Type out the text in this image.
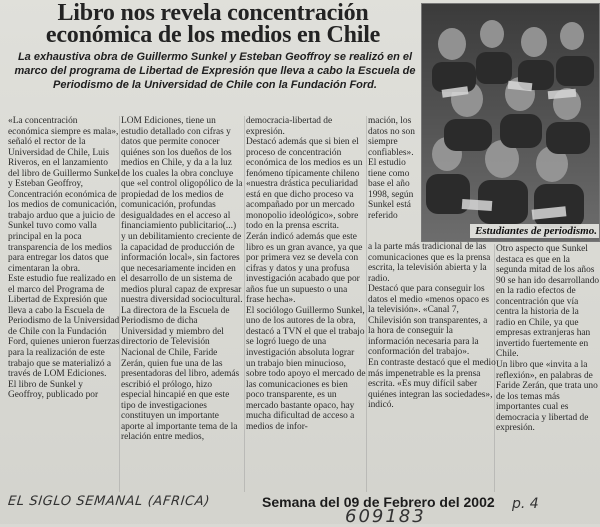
Libro nos revela concentración económica de los medios en Chile
La exhaustiva obra de Guillermo Sunkel y Esteban Geoffroy se realizó en el marco del programa de Libertad de Expresión que lleva a cabo la Escuela de Periodismo de la Universidad de Chile con la Fundación Ford.
Estudiantes de periodismo.
«La concentración económica siempre es mala», señaló el rector de la Universidad de Chile, Luis Riveros, en el lanzamiento del libro de Guillermo Sunkel y Esteban Geoffroy, Concentración económica de los medios de comunicación, trabajo arduo que a juicio de Sunkel tuvo como valla principal en la poca transparencia de los medios para entregar los datos que cimentaran la obra.
Este estudio fue realizado en el marco del Programa de Libertad de Expresión que lleva a cabo la Escuela de Periodismo de la Universidad de Chile con la Fundación Ford, quienes unieron fuerzas para la realización de este trabajo que se materializó a través de LOM Ediciones.
El libro de Sunkel y Geoffroy, publicado por
LOM Ediciones, tiene un estudio detallado con cifras y datos que permite conocer quiénes son los dueños de los medios en Chile, y da a la luz de los cuales la obra concluye que «el control oligopólico de la propiedad de los medios de comunicación, profundas desigualdades en el acceso al financiamiento publicitario(...) y un debilitamiento creciente de la capacidad de producción de información local», sin factores que necesariamente inciden en el desarrollo de un sistema de medios plural capaz de expresar nuestra diversidad sociocultural.
La directora de la Escuela de Periodismo de dicha Universidad y miembro del directorio de Televisión Nacional de Chile, Faride Zerán, quien fue una de las presentadoras del libro, además escribió el prólogo, hizo especial hincapié en que este tipo de investigaciones constituyen un importante aporte al importante tema de la relación entre medios,
democracia-libertad de expresión.
Destacó además que si bien el proceso de concentración económica de los medios es un fenómeno típicamente chileno «nuestra drástica peculiaridad está en que dicho proceso va acompañado por un mercado monopolio ideológico», sobre todo en la prensa escrita.
Zerán indicó además que este libro es un gran avance, ya que por primera vez se devela con cifras y datos y una profusa investigación acabado que por años fue un supuesto o una frase hecha».
El sociólogo Guillermo Sunkel, uno de los autores de la obra, destacó a TVN el que el trabajo se logró luego de una investigación absoluta lograr un trabajo bien minucioso, sobre todo apoyo el mercado de las comunicaciones es bien poco transparente, es un mercado bastante opaco, hay mucha dificultad de acceso a medios de infor-
mación, los datos no son siempre confiables».
El estudio tiene como base el año 1998, según Sunkel está referido
a la parte más tradicional de las comunicaciones que es la prensa escrita, la televisión abierta y la radio.
Destacó que para conseguir los datos el medio «menos opaco es la televisión». «Canal 7, Chilevisión son transparentes, a la hora de conseguir la información necesaria para la conformación del trabajo».
En contraste destacó que el medio más impenetrable es la prensa escrita. «Es muy difícil saber quiénes integran las sociedades», indicó.
Otro aspecto que Sunkel destaca es que en la segunda mitad de los años 90 se han ido desarrollando en la radio efectos de concentración que vía centra la historia de la radio en Chile, ya que empresas extranjeras han invertido fuertemente en Chile.
Un libro que «invita a la reflexión», en palabras de Faride Zerán, que trata uno de los temas más importantes cual es democracia y libertad de expresión.
EL SIGLO SEMANAL (AFRICA)	Semana del 09 de Febrero del 2002 p. 4
609183
